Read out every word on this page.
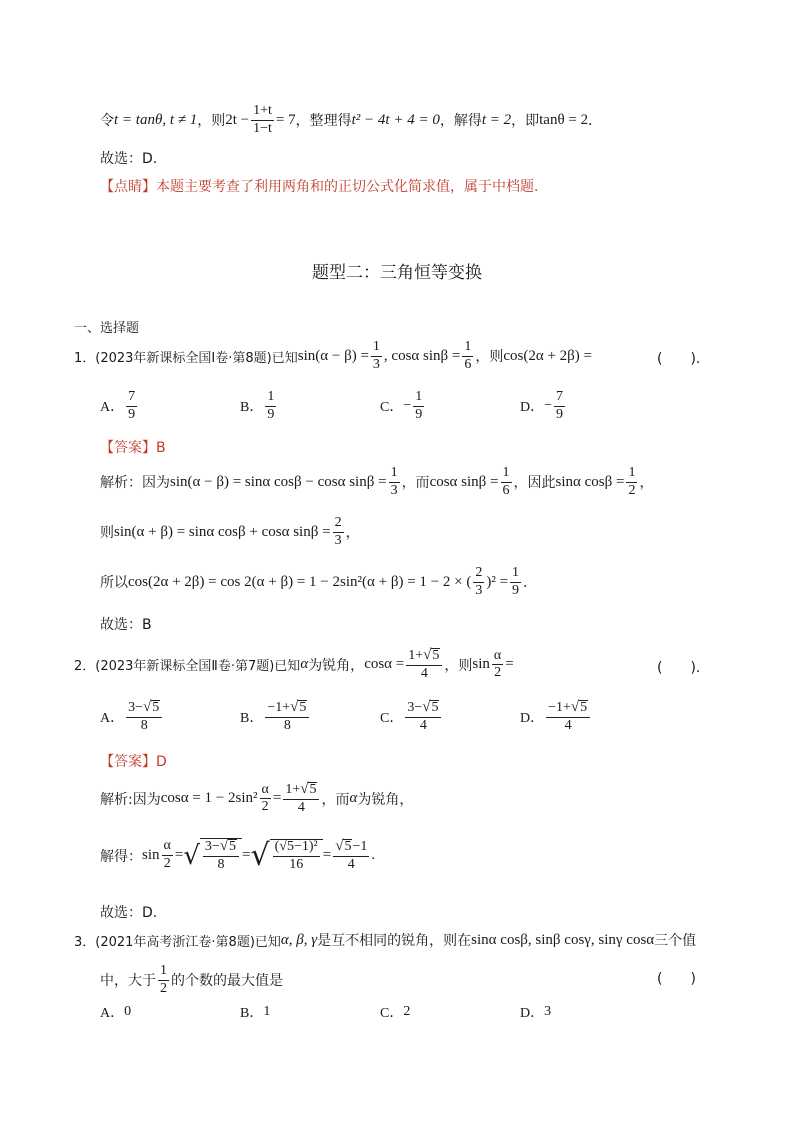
令 t = tanθ, t ≠ 1 ，则 $2t - \frac{1+t}{1-t} = 7$ ，整理得 t² − 4t + 4 = 0 ，解得 t = 2 ，即 tanθ = 2 ．
故选：D.
【点睛】 本题主要考查了利用两角和的正切公式化简求值，属于中档题．
题型二：三角恒等变换
一、选择题
1．(2023年新课标全国Ⅰ卷·第8题)已知 $\sin(\alpha - \beta) = \frac{1}{3}$ , cosα $\sin\beta = \frac{1}{6}$ ，则 cos(2α + 2β) =	(　　).
A． $\frac{7}{9}$	B． $\frac{1}{9}$	C． − $\frac{1}{9}$	D． − $\frac{7}{9}$
【答案】B
解析：因为 sin(α − β) = sinα cosβ − cosα $\sin\beta = \frac{1}{3}$ ，而 cosα $\sin\beta = \frac{1}{6}$ ，因此 sinα $\cos\beta = \frac{1}{2}$ ，
则 sin(α + β) = sinα cosβ + cosα $\sin\beta = \frac{2}{3}$ ，
所以 cos(2α + 2β) = cos 2(α + β) = 1 − 2sin²(α + β) = 1 − 2 × ( $\frac{2}{3} )^2 = \frac{1}{9}$ ．
故选：B
2．(2023年新课标全国Ⅱ卷·第7题)已知 α 为锐角， $\cos\alpha = \frac{1+ √ 5}{4}$ ，则 $\sin \frac{\alpha}{2}$ =	(　　).
A． $\frac{3- √ 5}{8}$	B． $\frac{-1+ √ 5}{8}$	C． $\frac{3- √ 5}{4}$	D． $\frac{-1+ √ 5}{4}$
【答案】D
解析:因为 $\cos\alpha = 1 - 2\sin^2 \frac{\alpha}{2} = \frac{1+ √ 5}{4}$ ，而 α 为锐角，
解得： $\sin \frac{\alpha}{2}$ = √ $\frac{3- √ 5}{8}$ = √ $\frac{\text{(√5−1)²}}{16} = \frac{√ 5 -1}{4}$ .
故选：D.
3．(2021年高考浙江卷·第8题)已知 α, β, γ 是互不相同的锐角，则在 sinα cosβ, sinβ cosγ, sinγ cosα 三个值
中，大于 $\frac{1}{2}$ 的个数的最大值是	(　　)
A． 0	B． 1	C． 2	D． 3
